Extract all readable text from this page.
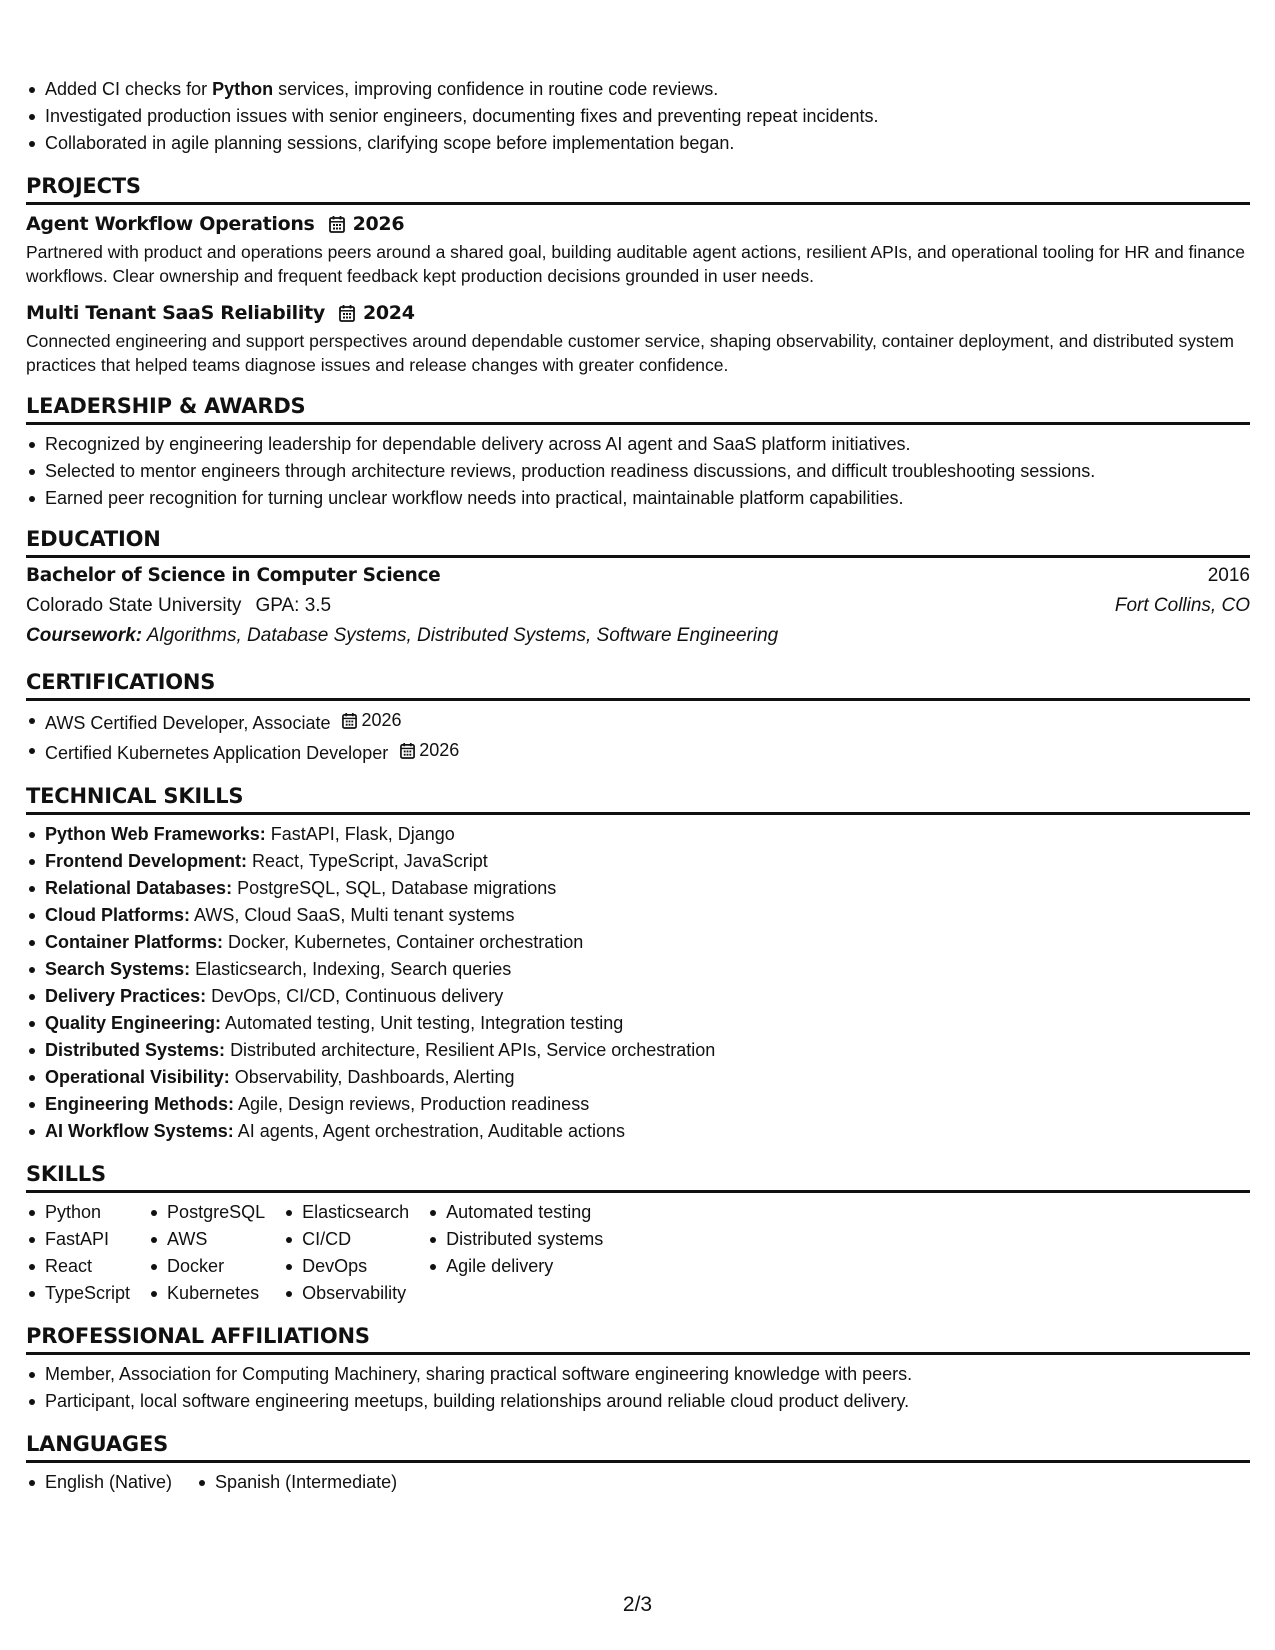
Added CI checks for Python services, improving confidence in routine code reviews.
Investigated production issues with senior engineers, documenting fixes and preventing repeat incidents.
Collaborated in agile planning sessions, clarifying scope before implementation began.
PROJECTS
Agent Workflow Operations 2026
Partnered with product and operations peers around a shared goal, building auditable agent actions, resilient APIs, and operational tooling for HR and finance workflows. Clear ownership and frequent feedback kept production decisions grounded in user needs.
Multi Tenant SaaS Reliability 2024
Connected engineering and support perspectives around dependable customer service, shaping observability, container deployment, and distributed system practices that helped teams diagnose issues and release changes with greater confidence.
LEADERSHIP & AWARDS
Recognized by engineering leadership for dependable delivery across AI agent and SaaS platform initiatives.
Selected to mentor engineers through architecture reviews, production readiness discussions, and difficult troubleshooting sessions.
Earned peer recognition for turning unclear workflow needs into practical, maintainable platform capabilities.
EDUCATION
Bachelor of Science in Computer Science	2016
Colorado State University GPA: 3.5	Fort Collins, CO
Coursework: Algorithms, Database Systems, Distributed Systems, Software Engineering
CERTIFICATIONS
AWS Certified Developer, Associate 2026
Certified Kubernetes Application Developer 2026
TECHNICAL SKILLS
Python Web Frameworks: FastAPI, Flask, Django
Frontend Development: React, TypeScript, JavaScript
Relational Databases: PostgreSQL, SQL, Database migrations
Cloud Platforms: AWS, Cloud SaaS, Multi tenant systems
Container Platforms: Docker, Kubernetes, Container orchestration
Search Systems: Elasticsearch, Indexing, Search queries
Delivery Practices: DevOps, CI/CD, Continuous delivery
Quality Engineering: Automated testing, Unit testing, Integration testing
Distributed Systems: Distributed architecture, Resilient APIs, Service orchestration
Operational Visibility: Observability, Dashboards, Alerting
Engineering Methods: Agile, Design reviews, Production readiness
AI Workflow Systems: AI agents, Agent orchestration, Auditable actions
SKILLS
Python
FastAPI
React
TypeScript
PostgreSQL
AWS
Docker
Kubernetes
Elasticsearch
CI/CD
DevOps
Observability
Automated testing
Distributed systems
Agile delivery
PROFESSIONAL AFFILIATIONS
Member, Association for Computing Machinery, sharing practical software engineering knowledge with peers.
Participant, local software engineering meetups, building relationships around reliable cloud product delivery.
LANGUAGES
English (Native)	Spanish (Intermediate)
2/3
